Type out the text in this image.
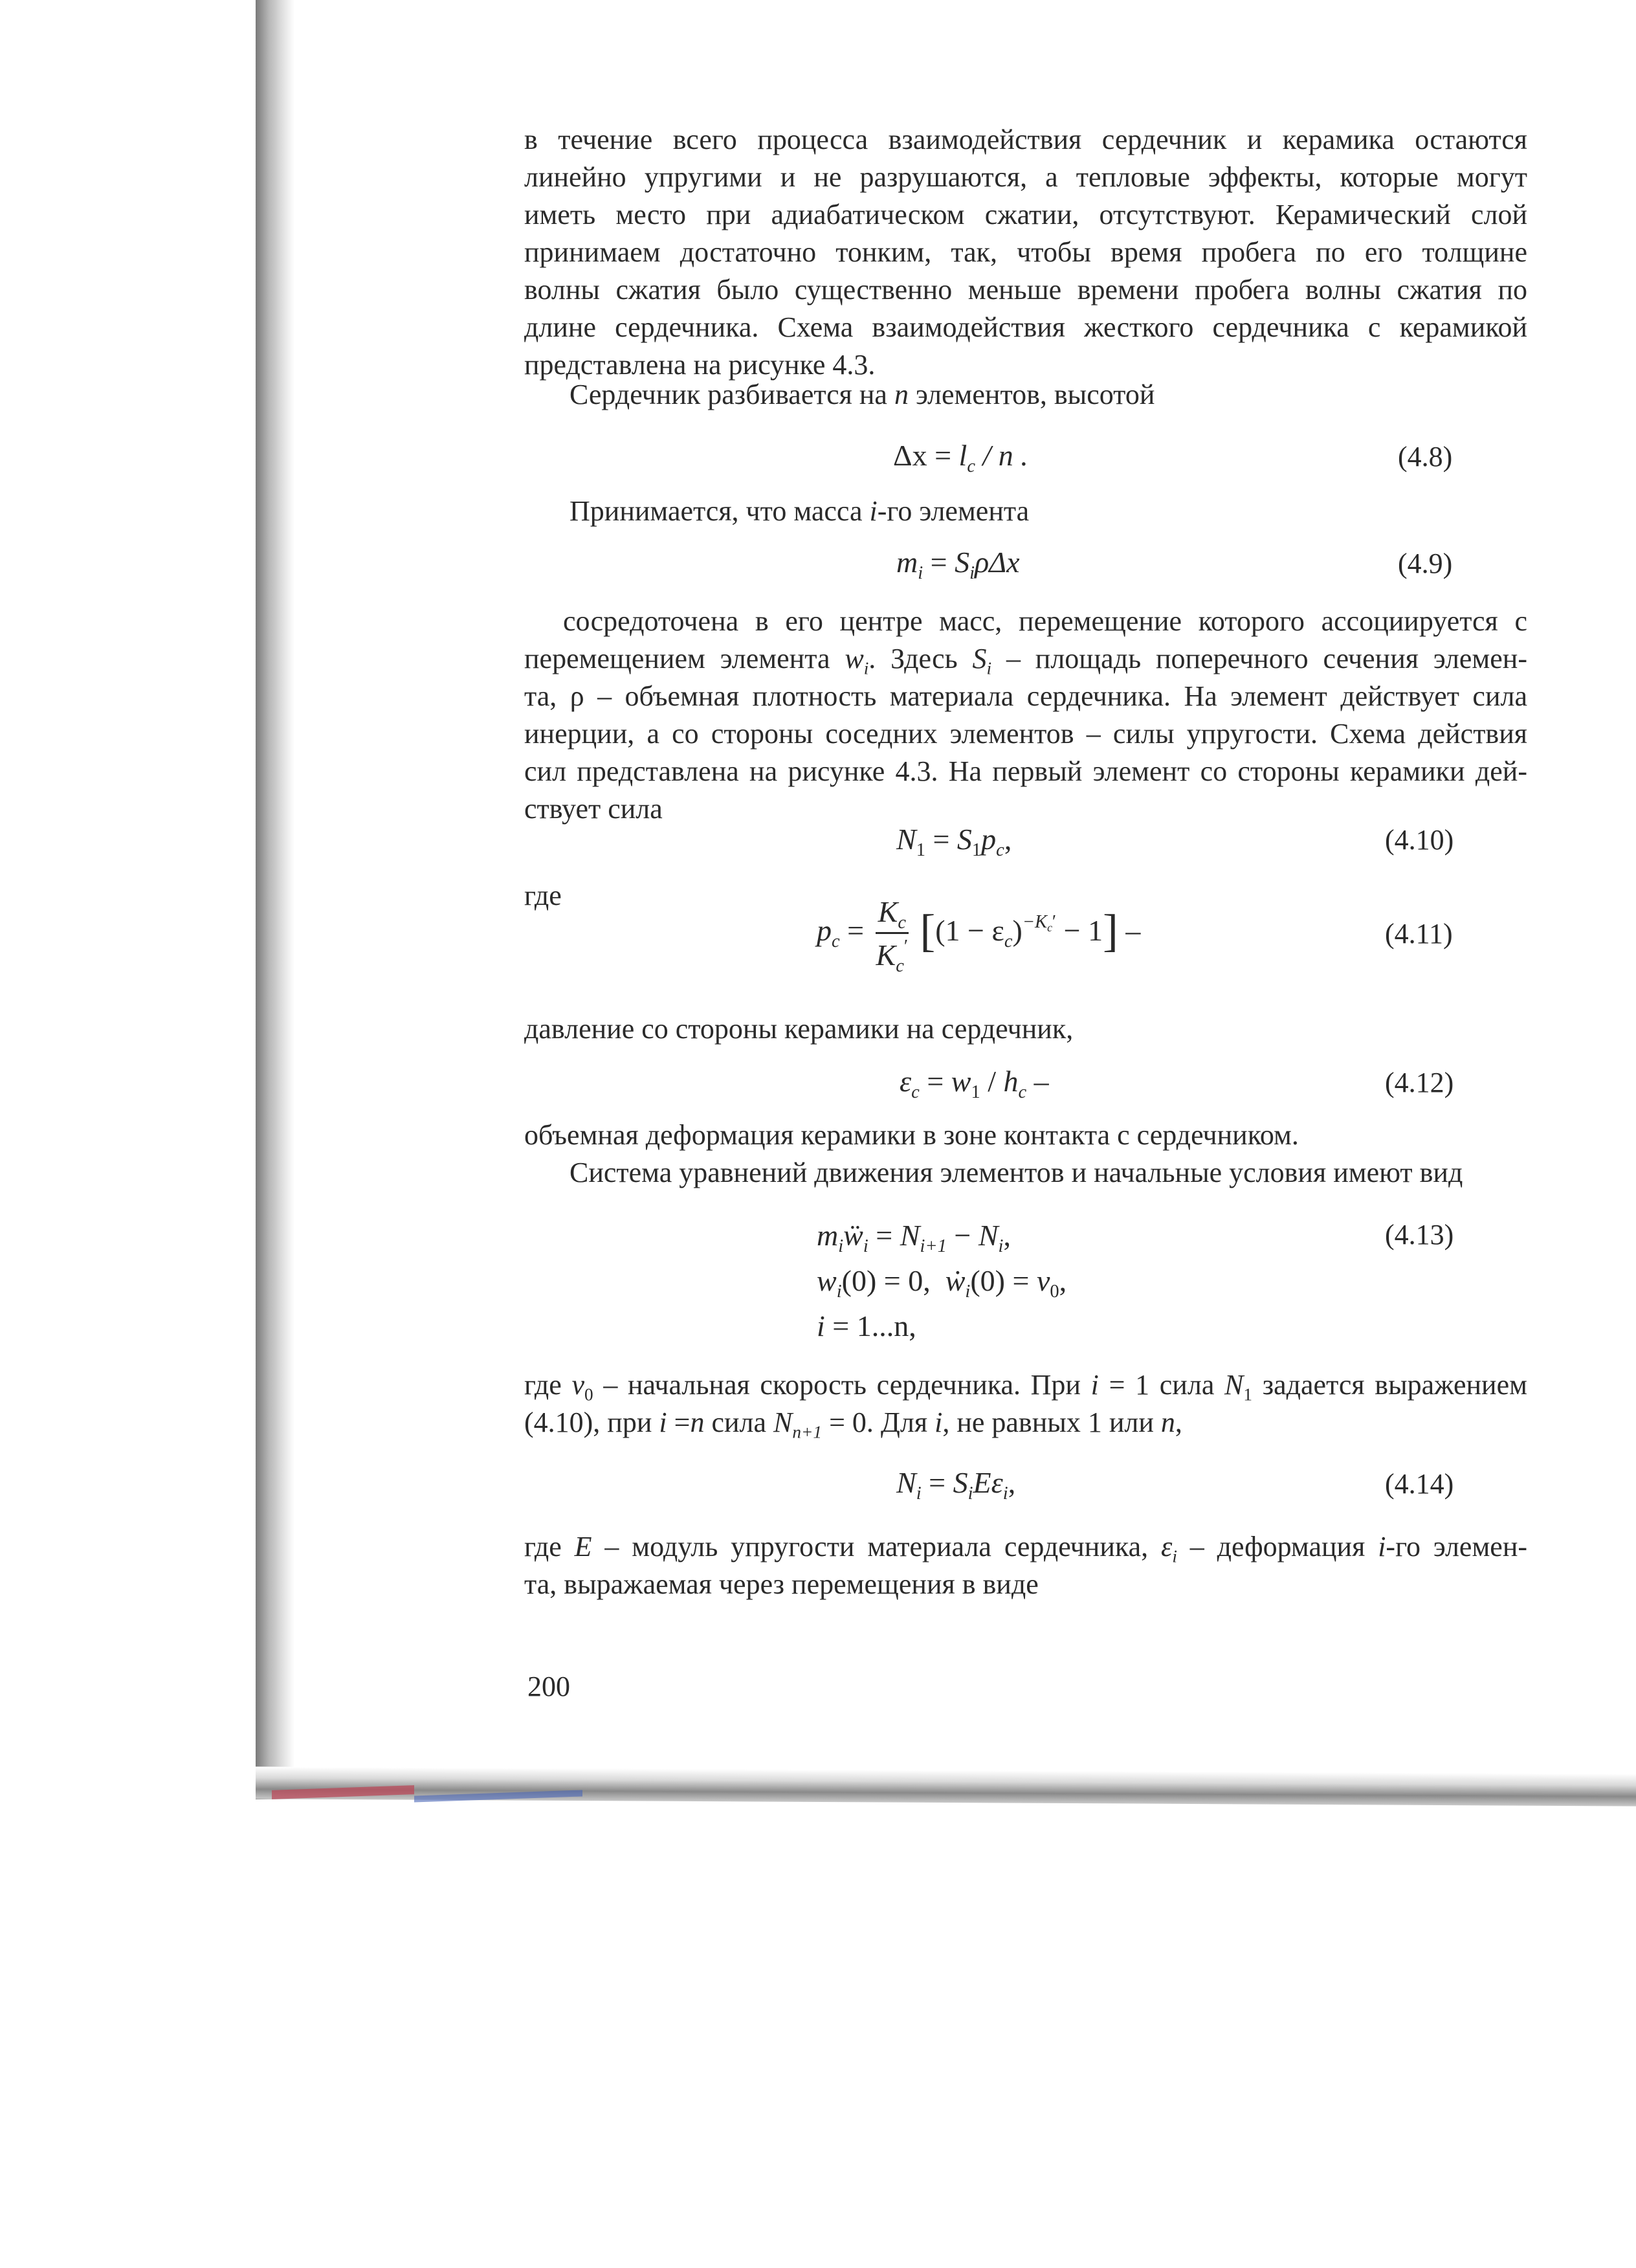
в течение всего процесса взаимодействия сердечник и керамика остаются
линейно упругими и не разрушаются, а тепловые эффекты, которые могут
иметь место при адиабатическом сжатии, отсутствуют. Керамический слой
принимаем достаточно тонким, так, чтобы время пробега по его толщине
волны сжатия было существенно меньше времени пробега волны сжатия по
длине сердечника. Схема взаимодействия жесткого сердечника с керамикой
представлена на рисунке 4.3.
Сердечник разбивается на n элементов, высотой
$\Delta x = l_c / n$ .	(4.8)
Принимается, что масса i-го элемента
$m_i = S_i\rho\Delta x$	(4.9)
сосредоточена в его центре масс, перемещение которого ассоциируется с
перемещением элемента $w_i$. Здесь $S_i$ – площадь поперечного сечения элемен-
та, ρ – объемная плотность материала сердечника. На элемент действует сила
инерции, а со стороны соседних элементов – силы упругости. Схема действия
сил представлена на рисунке 4.3. На первый элемент со стороны керамики дей-
ствует сила
$N_1 = S_1p_c$,	(4.10)
где
$p_c = \frac{K_c}{K_c'} [(1 - \varepsilon_c)^{-K_c'} - 1]$ –	(4.11)
давление со стороны керамики на сердечник,
$\varepsilon_c = w_1 / h_c$ –	(4.12)
объемная деформация керамики в зоне контакта с сердечником.
Система уравнений движения элементов и начальные условия имеют вид
$m_iẅ_i = N_{i+1} - N_i$,
$w_i(0) = 0$, ẇ$_i$(0) = $v_0$,
i = 1...n,
(4.13)
где $v_0$ – начальная скорость сердечника. При i = 1 сила $N_1$ задается выражением
(4.10), при i =n сила $N_{n+1} = 0$. Для i, не равных 1 или n,
$N_i = S_iE\varepsilon_i$,	(4.14)
где E – модуль упругости материала сердечника, $\varepsilon_i$ – деформация i-го элемен-
та, выражаемая через перемещения в виде
200
